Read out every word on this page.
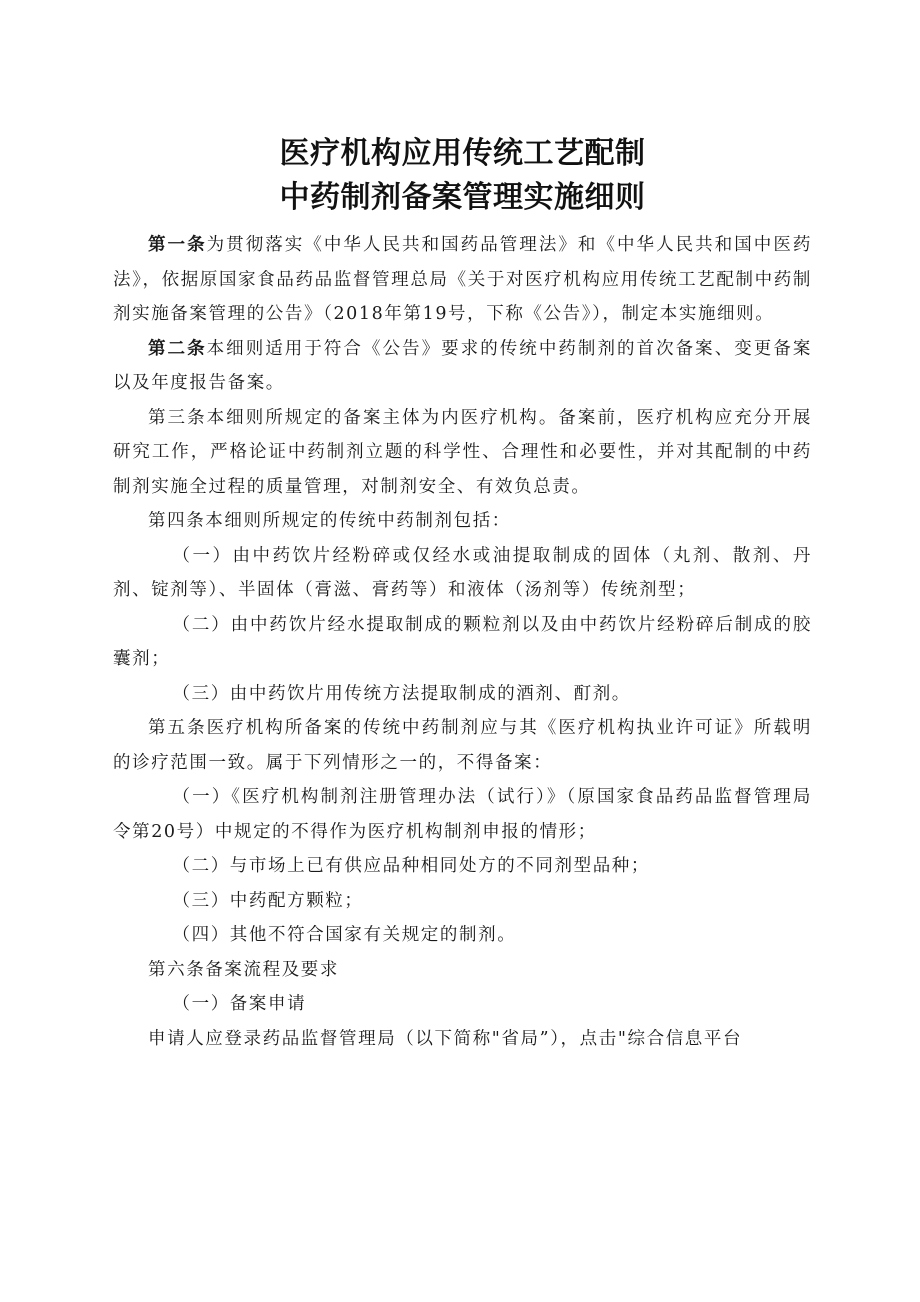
医疗机构应用传统工艺配制
中药制剂备案管理实施细则

第一条为贯彻落实《中华人民共和国药品管理法》和《中华人民共和国中医药法》，依据原国家食品药品监督管理总局《关于对医疗机构应用传统工艺配制中药制剂实施备案管理的公告》（2018年第19号，下称《公告》），制定本实施细则。

第二条本细则适用于符合《公告》要求的传统中药制剂的首次备案、变更备案以及年度报告备案。

第三条本细则所规定的备案主体为内医疗机构。备案前，医疗机构应充分开展研究工作，严格论证中药制剂立题的科学性、合理性和必要性，并对其配制的中药制剂实施全过程的质量管理，对制剂安全、有效负总责。

第四条本细则所规定的传统中药制剂包括：

（一）由中药饮片经粉碎或仅经水或油提取制成的固体（丸剂、散剂、丹剂、锭剂等）、半固体（膏滋、膏药等）和液体（汤剂等）传统剂型；

（二）由中药饮片经水提取制成的颗粒剂以及由中药饮片经粉碎后制成的胶囊剂；

（三）由中药饮片用传统方法提取制成的酒剂、酊剂。

第五条医疗机构所备案的传统中药制剂应与其《医疗机构执业许可证》所载明的诊疗范围一致。属于下列情形之一的，不得备案：

（一）《医疗机构制剂注册管理办法（试行）》（原国家食品药品监督管理局令第20号）中规定的不得作为医疗机构制剂申报的情形；

（二）与市场上已有供应品种相同处方的不同剂型品种；

（三）中药配方颗粒；

（四）其他不符合国家有关规定的制剂。

第六条备案流程及要求

（一）备案申请

申请人应登录药品监督管理局（以下简称"省局”），点击"综合信息平台
